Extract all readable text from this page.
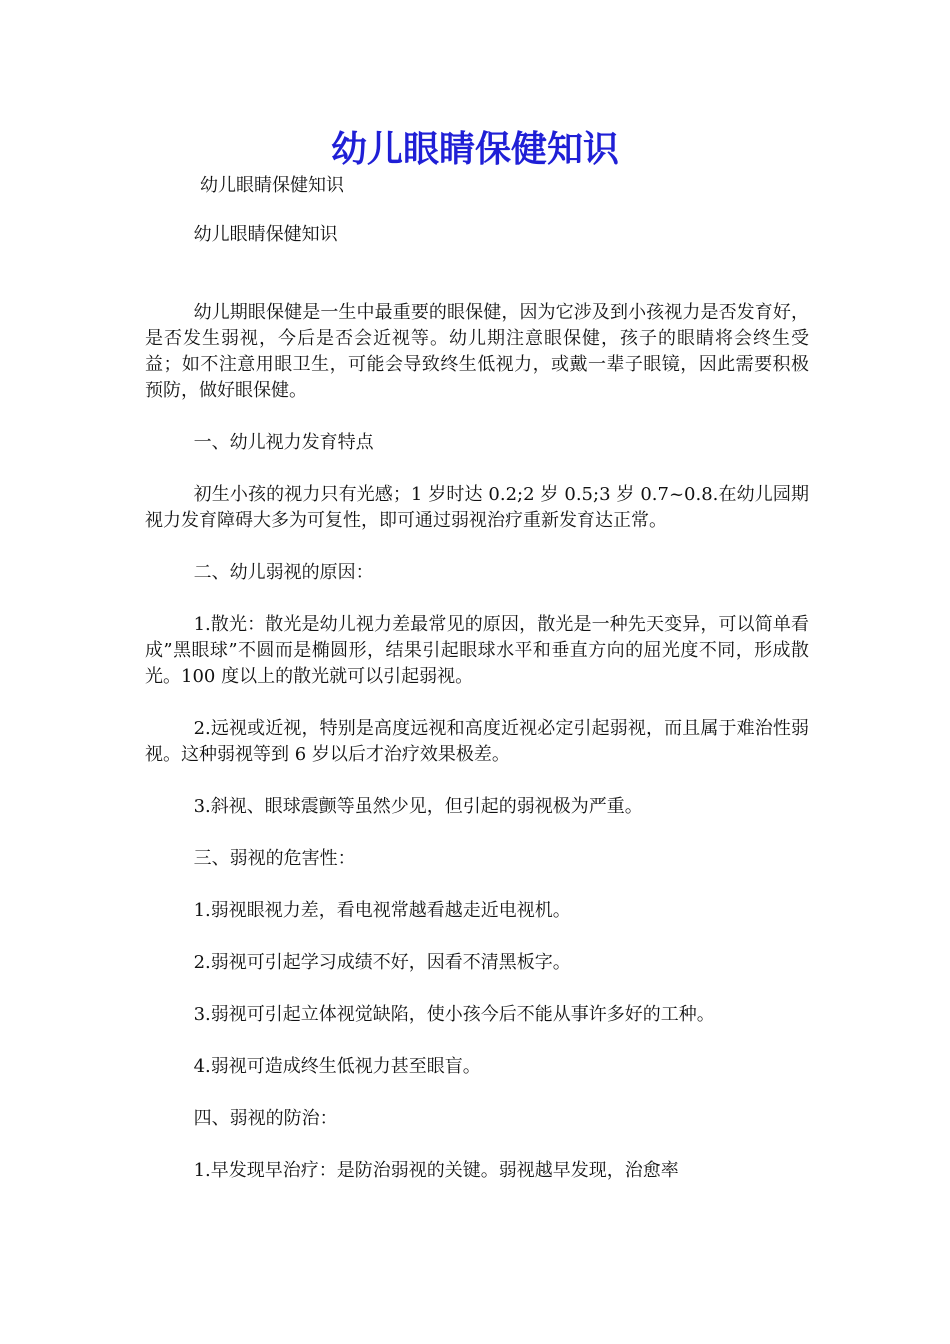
幼儿眼睛保健知识
幼儿眼睛保健知识

幼儿眼睛保健知识

幼儿期眼保健是一生中最重要的眼保健，因为它涉及到小孩视力是否发育好，是否发生弱视，今后是否会近视等。幼儿期注意眼保健，孩子的眼睛将会终生受益；如不注意用眼卫生，可能会导致终生低视力，或戴一辈子眼镜，因此需要积极预防，做好眼保健。

一、幼儿视力发育特点

初生小孩的视力只有光感；1 岁时达 0.2;2 岁 0.5;3 岁 0.7~0.8.在幼儿园期视力发育障碍大多为可复性，即可通过弱视治疗重新发育达正常。

二、幼儿弱视的原因：

1.散光：散光是幼儿视力差最常见的原因，散光是一种先天变异，可以简单看成”黑眼球”不圆而是椭圆形，结果引起眼球水平和垂直方向的屈光度不同，形成散光。100 度以上的散光就可以引起弱视。

2.远视或近视，特别是高度远视和高度近视必定引起弱视，而且属于难治性弱视。这种弱视等到 6 岁以后才治疗效果极差。

3.斜视、眼球震颤等虽然少见，但引起的弱视极为严重。

三、弱视的危害性：

1.弱视眼视力差，看电视常越看越走近电视机。

2.弱视可引起学习成绩不好，因看不清黑板字。

3.弱视可引起立体视觉缺陷，使小孩今后不能从事许多好的工种。

4.弱视可造成终生低视力甚至眼盲。

四、弱视的防治：

1.早发现早治疗：是防治弱视的关键。弱视越早发现，治愈率
